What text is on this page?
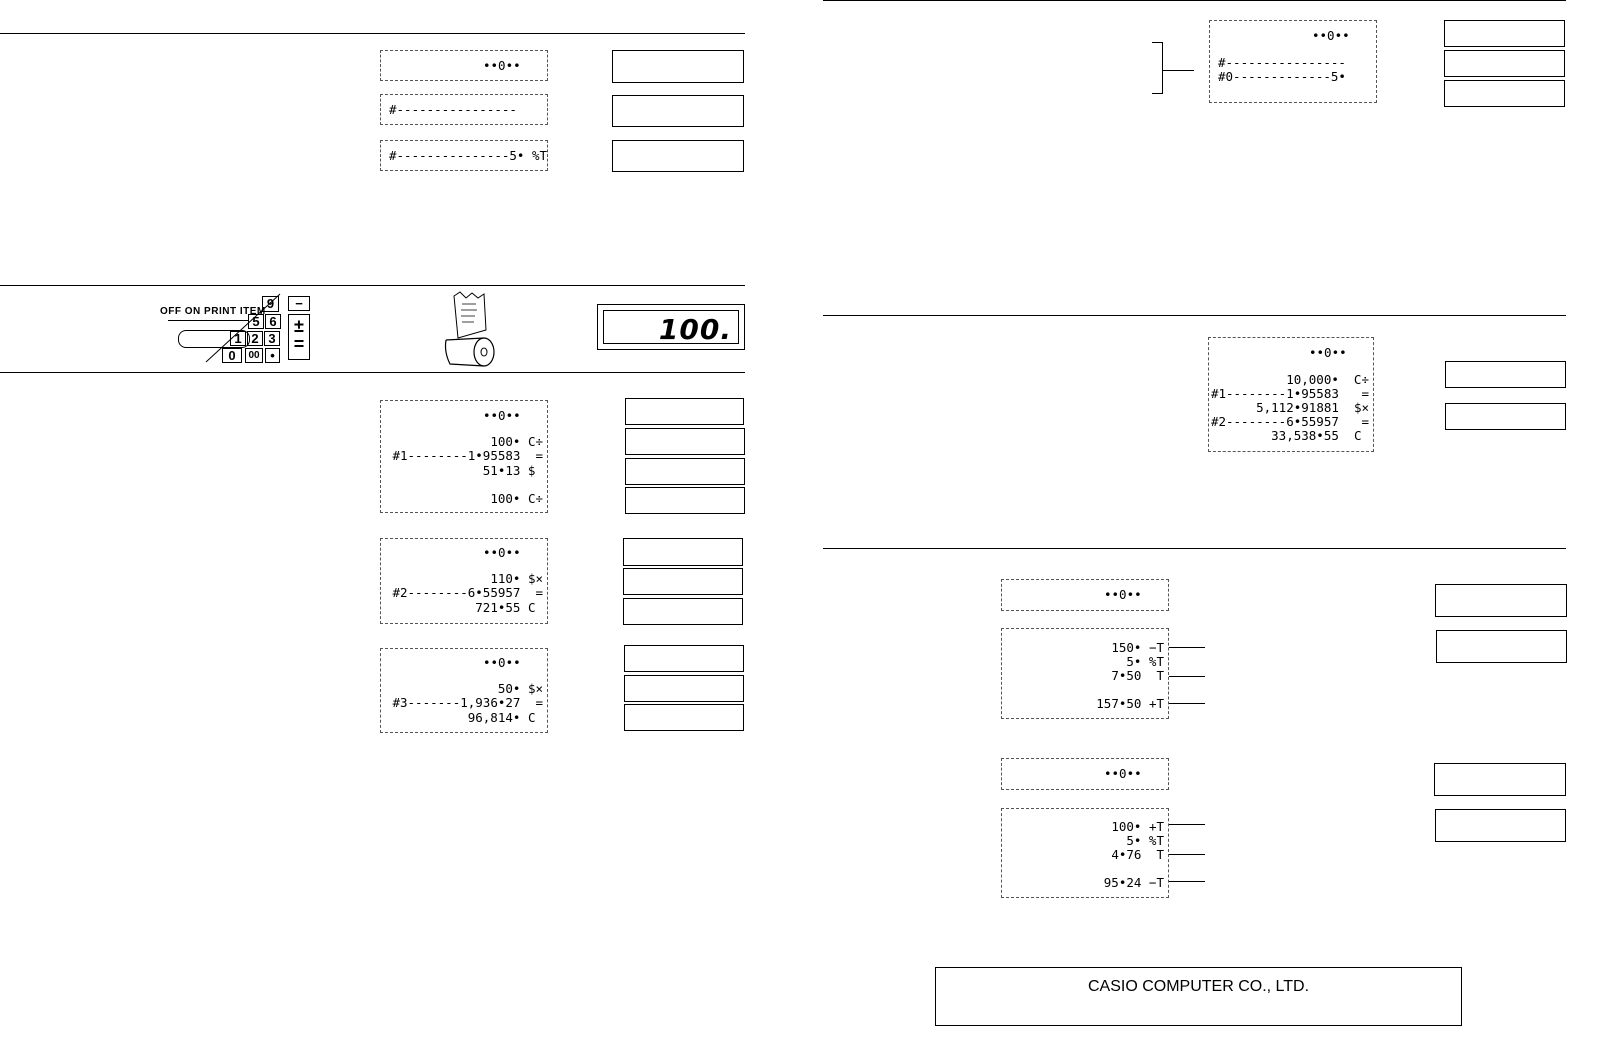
••0••
#----------------
#---------------5• %T
OFF ON PRINT ITEM
9
5 6
1 2 3
0	00 •
−
±
=	100.
••0••
100• C÷
#1--------1•95583  =
51•13 $
100• C÷
••0••
110• $×
#2--------6•55957  =
721•55 C
••0••
50• $×
#3-------1,936•27  =
96,814• C
••0••
#----------------
#0-------------5•
••0••
10,000•  C÷
#1--------1•95583   =
5,112•91881  $×
#2--------6•55957   =
33,538•55  C
••0••
150• −T
5• %T
7•50  T
157•50 +T
••0••
100• +T
5• %T
4•76  T
95•24 −T
CASIO COMPUTER CO., LTD.
